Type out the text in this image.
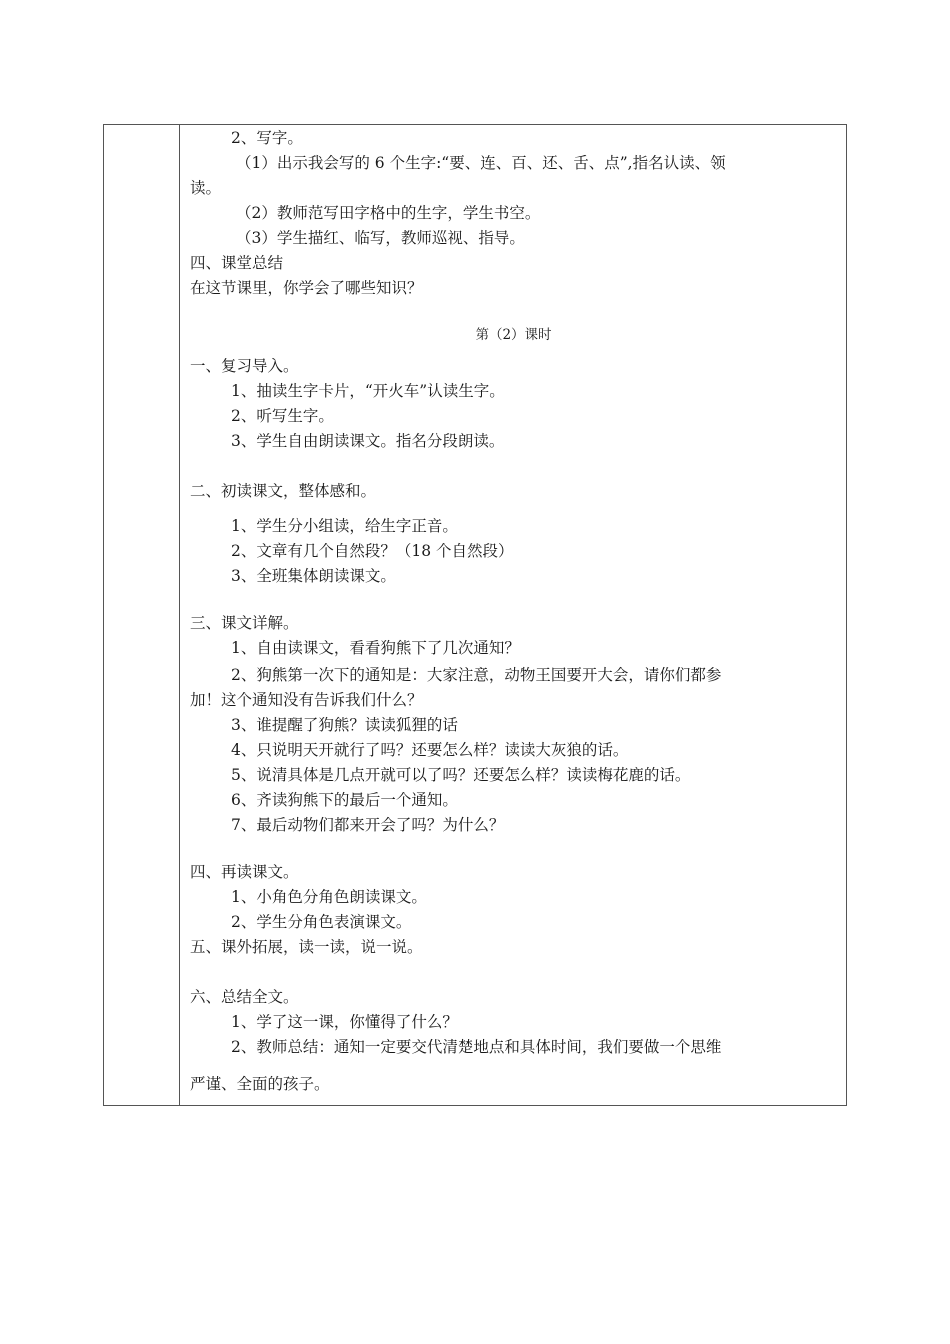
2、写字。
（1）出示我会写的 6 个生字:“要、连、百、还、舌、点”,指名认读、领
读。
（2）教师范写田字格中的生字，学生书空。
（3）学生描红、临写，教师巡视、指导。
四、课堂总结
在这节课里，你学会了哪些知识？
第（2）课时
一、复习导入。
1、抽读生字卡片，“开火车”认读生字。
2、听写生字。
3、学生自由朗读课文。指名分段朗读。
二、初读课文，整体感和。
1、学生分小组读，给生字正音。
2、文章有几个自然段？（18 个自然段）
3、全班集体朗读课文。
三、课文详解。
1、自由读课文，看看狗熊下了几次通知？
2、狗熊第一次下的通知是：大家注意，动物王国要开大会，请你们都参
加！这个通知没有告诉我们什么？
3、谁提醒了狗熊？读读狐狸的话
4、只说明天开就行了吗？还要怎么样？读读大灰狼的话。
5、说清具体是几点开就可以了吗？还要怎么样？读读梅花鹿的话。
6、齐读狗熊下的最后一个通知。
7、最后动物们都来开会了吗？为什么？
四、再读课文。
1、小角色分角色朗读课文。
2、学生分角色表演课文。
五、课外拓展，读一读，说一说。
六、总结全文。
1、学了这一课，你懂得了什么？
2、教师总结：通知一定要交代清楚地点和具体时间，我们要做一个思维
严谨、全面的孩子。
